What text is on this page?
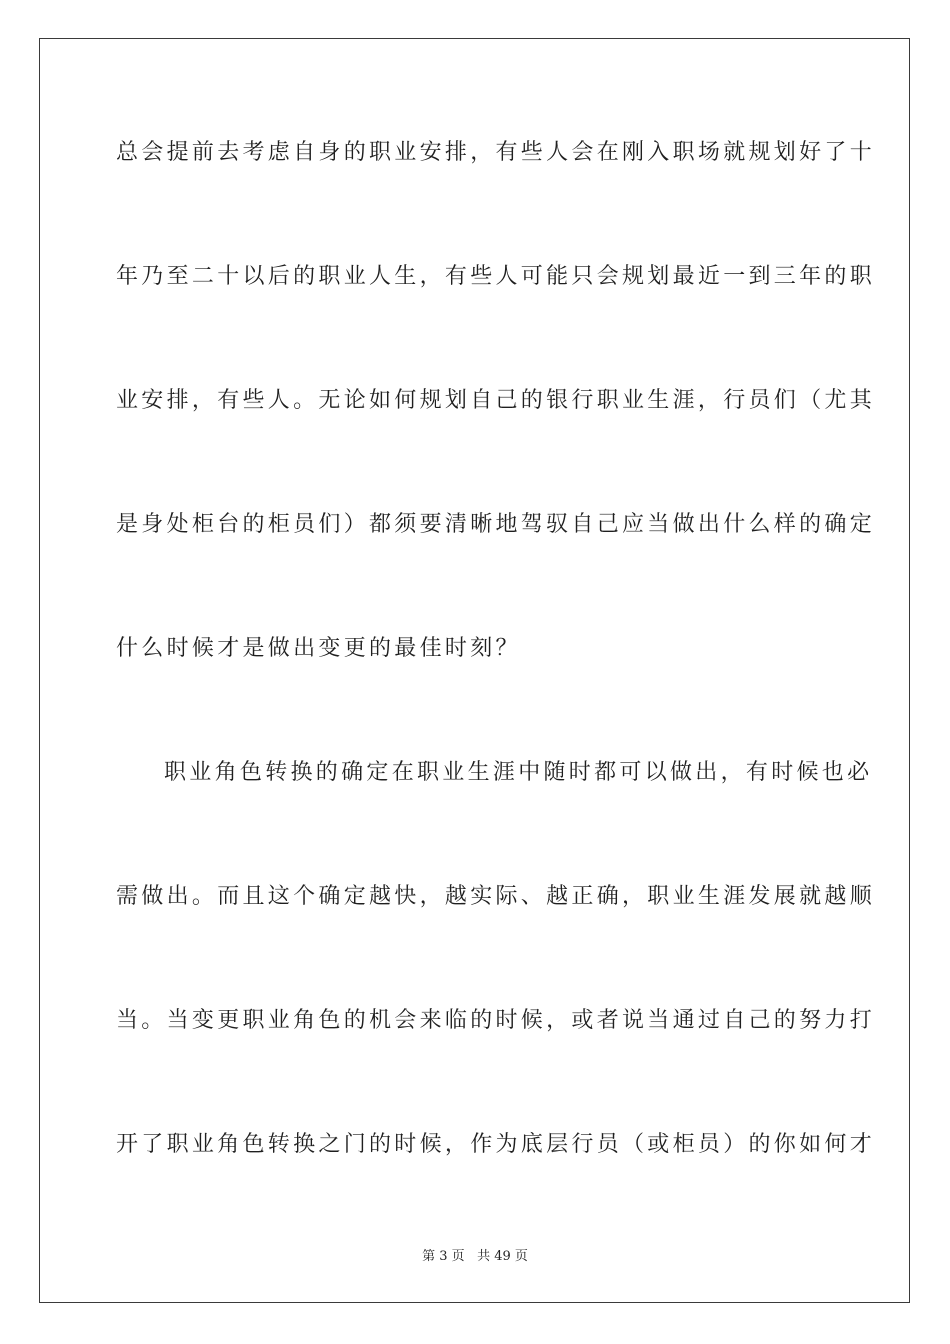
总会提前去考虑自身的职业安排，有些人会在刚入职场就规划好了十
年乃至二十以后的职业人生，有些人可能只会规划最近一到三年的职
业安排，有些人。无论如何规划自己的银行职业生涯，行员们（尤其
是身处柜台的柜员们）都须要清晰地驾驭自己应当做出什么样的确定
什么时候才是做出变更的最佳时刻？
职业角色转换的确定在职业生涯中随时都可以做出，有时候也必
需做出。而且这个确定越快，越实际、越正确，职业生涯发展就越顺
当。当变更职业角色的机会来临的时候，或者说当通过自己的努力打
开了职业角色转换之门的时候，作为底层行员（或柜员）的你如何才
第 3 页 共 49 页
